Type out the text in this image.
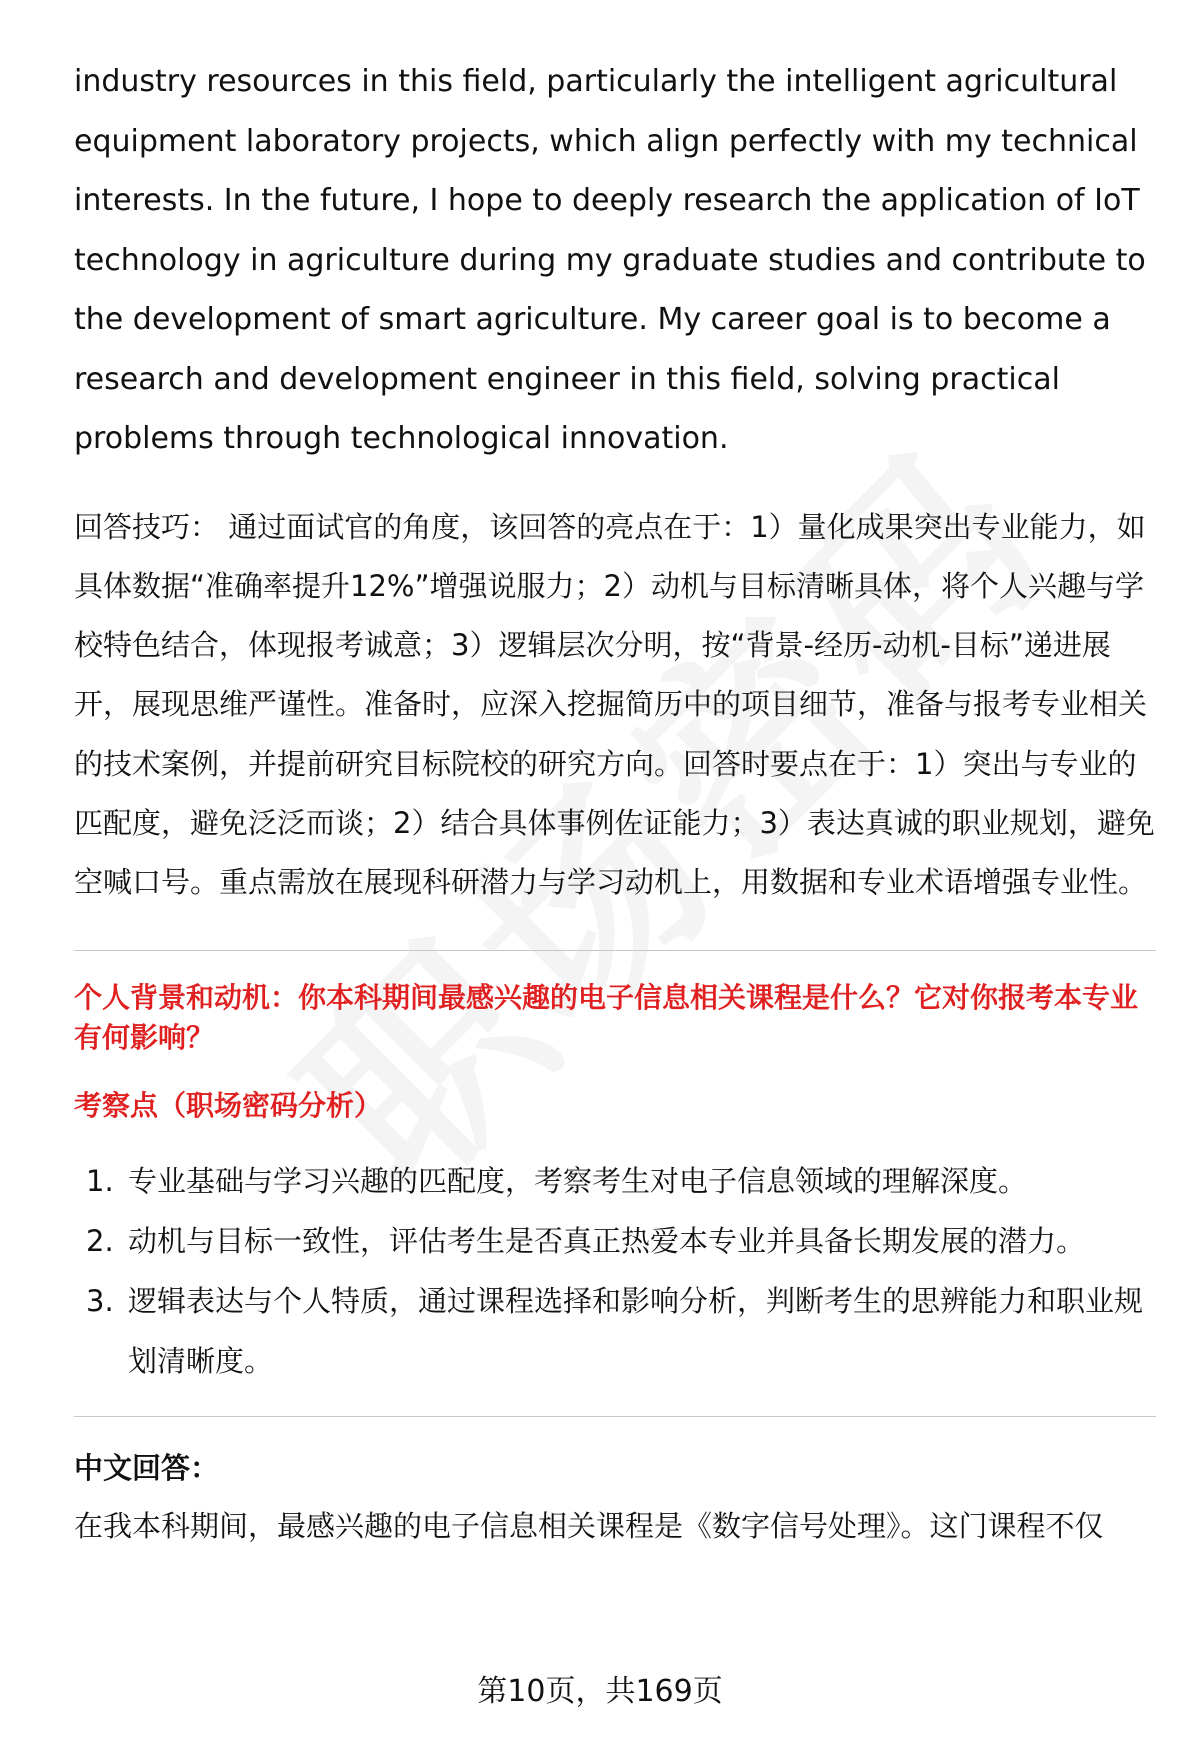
industry resources in this field, particularly the intelligent agricultural equipment laboratory projects, which align perfectly with my technical interests. In the future, I hope to deeply research the application of IoT technology in agriculture during my graduate studies and contribute to the development of smart agriculture. My career goal is to become a research and development engineer in this field, solving practical problems through technological innovation.

回答技巧： 通过面试官的角度，该回答的亮点在于：1）量化成果突出专业能力，如具体数据“准确率提升12%”增强说服力；2）动机与目标清晰具体，将个人兴趣与学校特色结合，体现报考诚意；3）逻辑层次分明，按“背景-经历-动机-目标”递进展开，展现思维严谨性。准备时，应深入挖掘简历中的项目细节，准备与报考专业相关的技术案例，并提前研究目标院校的研究方向。回答时要点在于：1）突出与专业的匹配度，避免泛泛而谈；2）结合具体事例佐证能力；3）表达真诚的职业规划，避免空喊口号。重点需放在展现科研潜力与学习动机上，用数据和专业术语增强专业性。

个人背景和动机：你本科期间最感兴趣的电子信息相关课程是什么？它对你报考本专业有何影响？

考察点（职场密码分析）

1. 专业基础与学习兴趣的匹配度，考察考生对电子信息领域的理解深度。
2. 动机与目标一致性，评估考生是否真正热爱本专业并具备长期发展的潜力。
3. 逻辑表达与个人特质，通过课程选择和影响分析，判断考生的思辨能力和职业规划清晰度。

中文回答：

在我本科期间，最感兴趣的电子信息相关课程是《数字信号处理》。这门课程不仅

第10页，共169页
